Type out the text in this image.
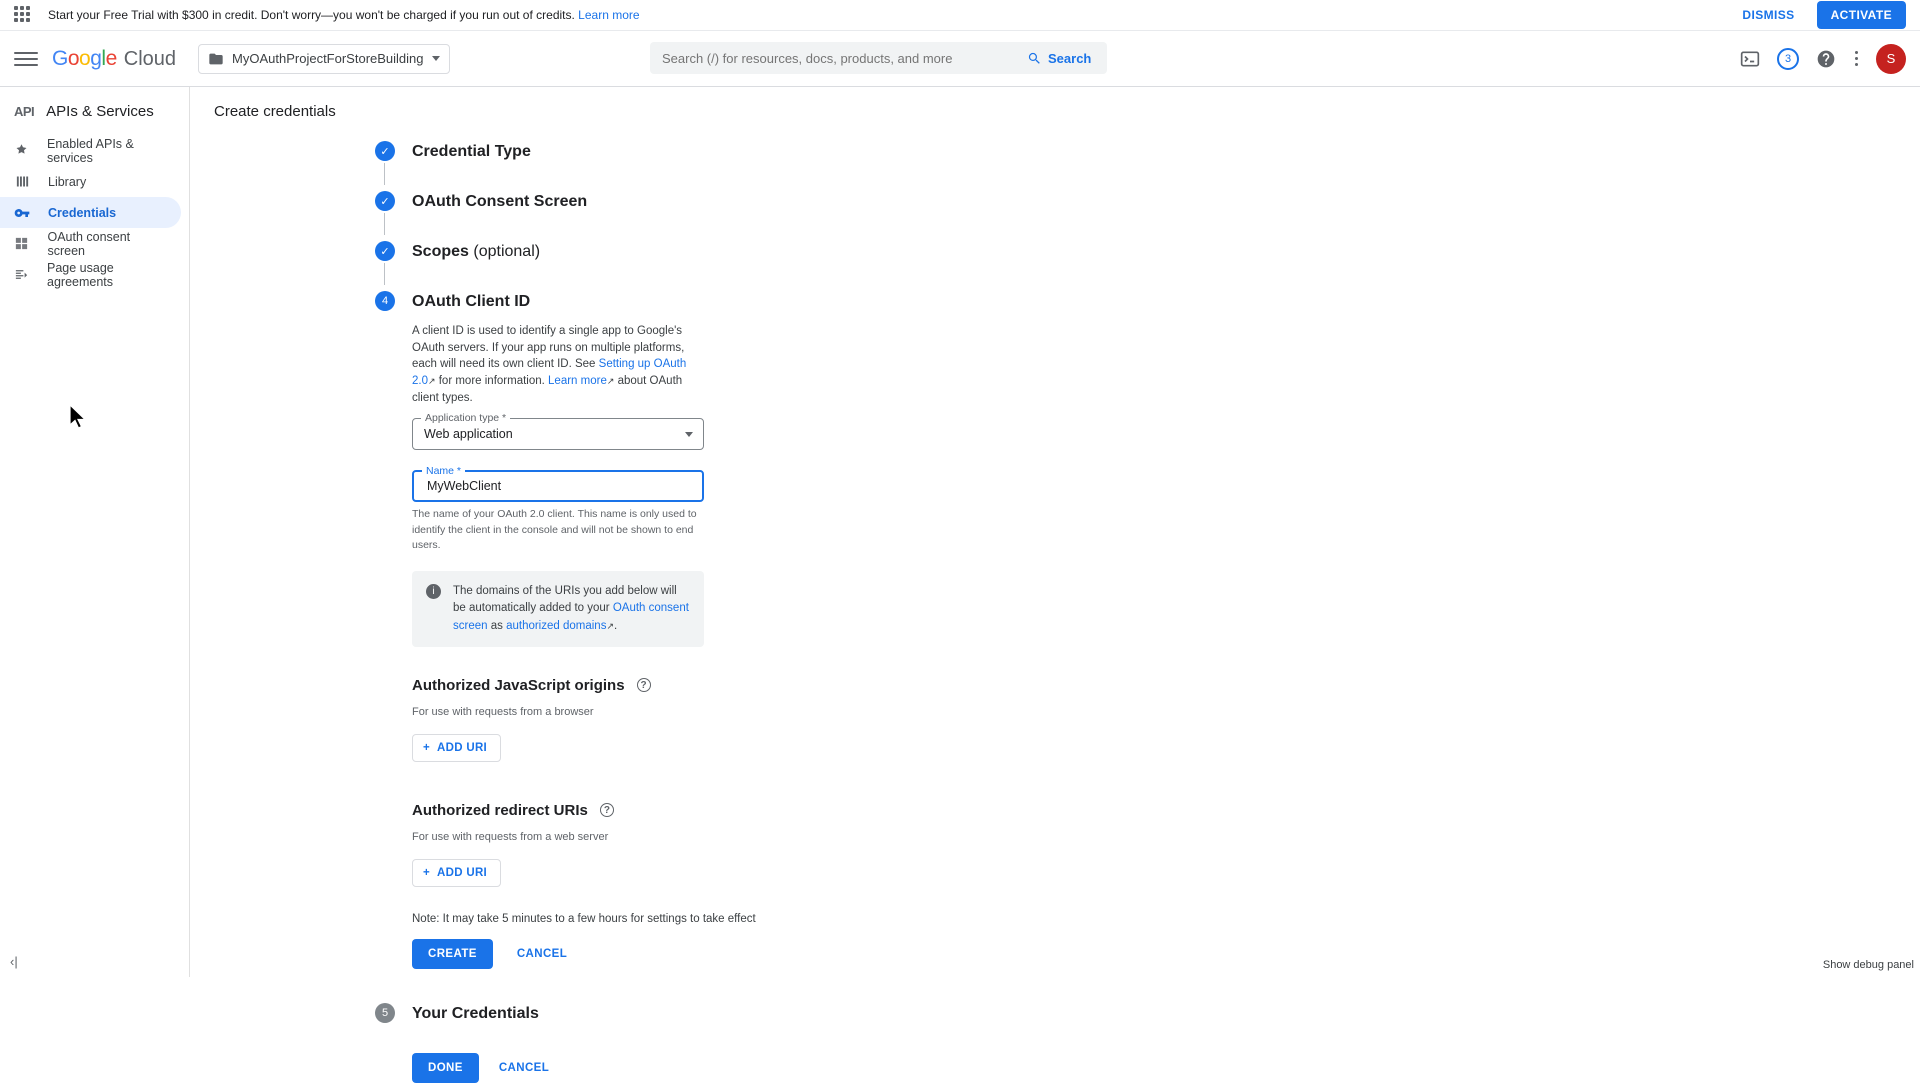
Start your Free Trial with $300 in credit. Don't worry—you won't be charged if you run out of credits. Learn more	DISMISS	ACTIVATE
Google Cloud	MyOAuthProjectForStoreBuilding
Search (/) for resources, docs, products, and more	Search	3	S
API APIs & Services
Enabled APIs & services
Library
Credentials
OAuth consent screen
Page usage agreements
‹|
Create credentials
✓	Credential Type
✓	OAuth Consent Screen
✓	Scopes (optional)
4	OAuth Client ID
A client ID is used to identify a single app to Google's OAuth servers. If your app runs on multiple platforms, each will need its own client ID. See Setting up OAuth 2.0↗ for more information. Learn more↗ about OAuth client types.
Application type *
Web application
Name *
MyWebClient
The name of your OAuth 2.0 client. This name is only used to identify the client in the console and will not be shown to end users.
i	The domains of the URIs you add below will be automatically added to your OAuth consent screen as authorized domains↗.
Authorized JavaScript origins	?
For use with requests from a browser
+ ADD URI
Authorized redirect URIs	?
For use with requests from a web server
+ ADD URI
Note: It may take 5 minutes to a few hours for settings to take effect
CREATE	CANCEL
5	Your Credentials
DONE	CANCEL
Show debug panel
